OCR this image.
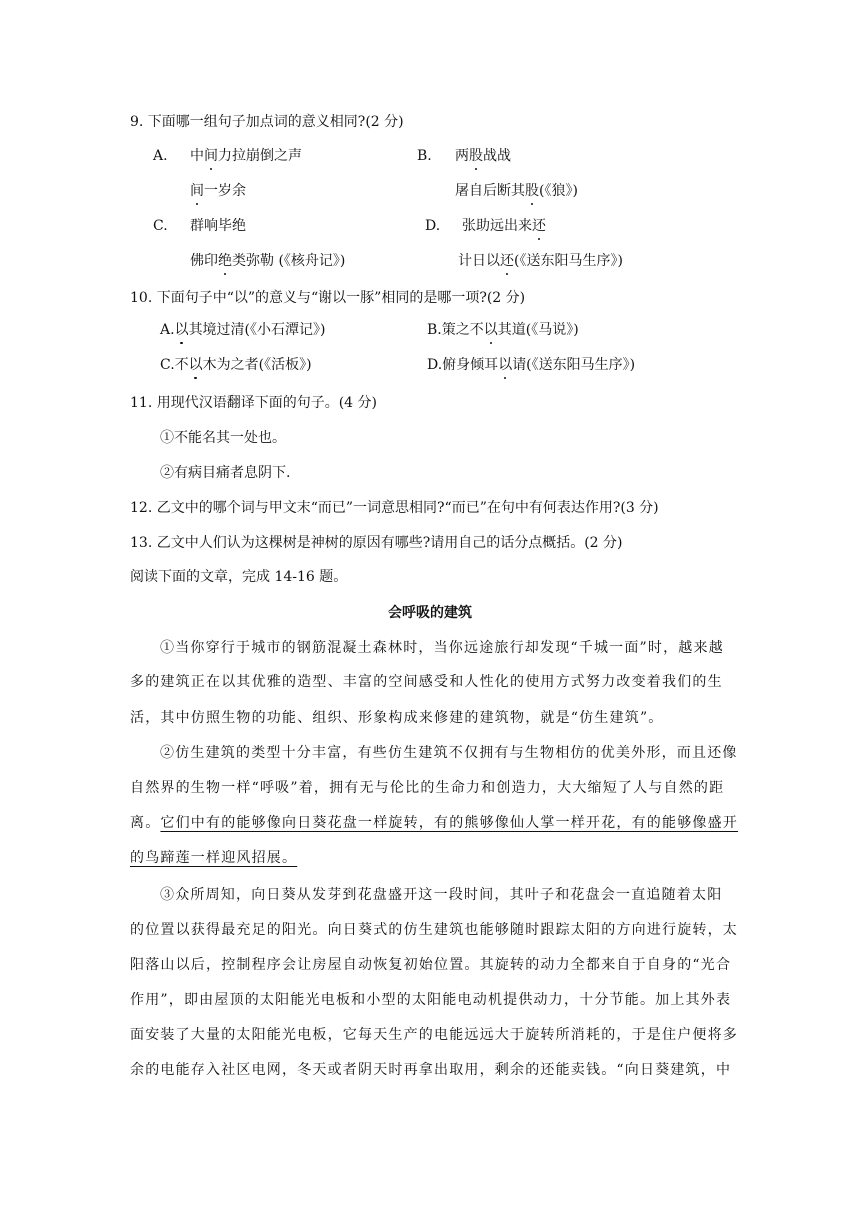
9. 下面哪一组句子加点词的意义相同?(2 分)
A. 中间力拉崩倒之声	B. 两股战战
间一岁余	屠自后断其股(《狼》)
C. 群响毕绝	D. 张助远出来还
佛印绝类弥勒 (《核舟记》)	计日以还(《送东阳马生序》)
10. 下面句子中“以”的意义与“谢以一豚”相同的是哪一项?(2 分)
A.以其境过清(《小石潭记》)	B.策之不以其道(《马说》)
C.不以木为之者(《活板》)	D.俯身倾耳以请(《送东阳马生序》)
11. 用现代汉语翻译下面的句子。(4 分)
①不能名其一处也。
②有病目痛者息阴下.
12. 乙文中的哪个词与甲文末“而已”一词意思相同?“而已”在句中有何表达作用?(3 分)
13. 乙文中人们认为这棵树是神树的原因有哪些?请用自己的话分点概括。(2 分)
阅读下面的文章，完成 14-16 题。
会呼吸的建筑
①当你穿行于城市的钢筋混凝土森林时，当你远途旅行却发现“千城一面”时，越来越
多的建筑正在以其优雅的造型、丰富的空间感受和人性化的使用方式努力改变着我们的生
活，其中仿照生物的功能、组织、形象构成来修建的建筑物，就是“仿生建筑”。
②仿生建筑的类型十分丰富，有些仿生建筑不仅拥有与生物相仿的优美外形，而且还像
自然界的生物一样“呼吸”着，拥有无与伦比的生命力和创造力，大大缩短了人与自然的距
离。它们中有的能够像向日葵花盘一样旋转，有的熊够像仙人掌一样开花，有的能够像盛开
的鸟蹄莲一样迎风招展。
③众所周知，向日葵从发芽到花盘盛开这一段时间，其叶子和花盘会一直追随着太阳
的位置以获得最充足的阳光。向日葵式的仿生建筑也能够随时跟踪太阳的方向进行旋转，太
阳落山以后，控制程序会让房屋自动恢复初始位置。其旋转的动力全都来自于自身的“光合
作用”，即由屋顶的太阳能光电板和小型的太阳能电动机提供动力，十分节能。加上其外表
面安装了大量的太阳能光电板，它每天生产的电能远远大于旋转所消耗的，于是住户便将多
余的电能存入社区电网，冬天或者阴天时再拿出取用，剩余的还能卖钱。“向日葵建筑，中
